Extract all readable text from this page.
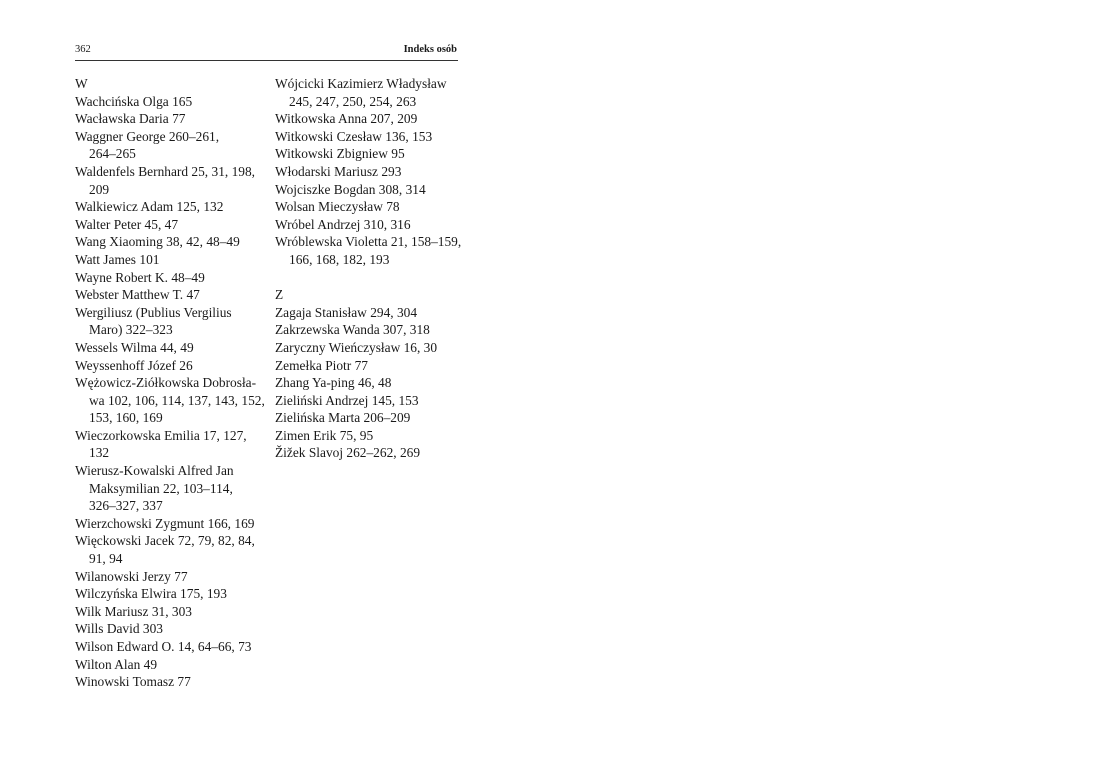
362	Indeks osób
W
Wachcińska Olga 165
Wacławska Daria 77
Waggner George 260–261,
264–265
Waldenfels Bernhard 25, 31, 198,
209
Walkiewicz Adam 125, 132
Walter Peter 45, 47
Wang Xiaoming 38, 42, 48–49
Watt James 101
Wayne Robert K. 48–49
Webster Matthew T. 47
Wergiliusz (Publius Vergilius
Maro) 322–323
Wessels Wilma 44, 49
Weyssenhoff Józef 26
Wężowicz-Ziółkowska Dobrosła-
wa 102, 106, 114, 137, 143, 152,
153, 160, 169
Wieczorkowska Emilia 17, 127,
132
Wierusz-Kowalski Alfred Jan
Maksymilian 22, 103–114,
326–327, 337
Wierzchowski Zygmunt 166, 169
Więckowski Jacek 72, 79, 82, 84,
91, 94
Wilanowski Jerzy 77
Wilczyńska Elwira 175, 193
Wilk Mariusz 31, 303
Wills David 303
Wilson Edward O. 14, 64–66, 73
Wilton Alan 49
Winowski Tomasz 77
Wójcicki Kazimierz Władysław
245, 247, 250, 254, 263
Witkowska Anna 207, 209
Witkowski Czesław 136, 153
Witkowski Zbigniew 95
Włodarski Mariusz 293
Wojciszke Bogdan 308, 314
Wolsan Mieczysław 78
Wróbel Andrzej 310, 316
Wróblewska Violetta 21, 158–159,
166, 168, 182, 193
Z
Zagaja Stanisław 294, 304
Zakrzewska Wanda 307, 318
Zaryczny Wieńczysław 16, 30
Zemełka Piotr 77
Zhang Ya-ping 46, 48
Zieliński Andrzej 145, 153
Zielińska Marta 206–209
Zimen Erik 75, 95
Žižek Slavoj 262–262, 269
